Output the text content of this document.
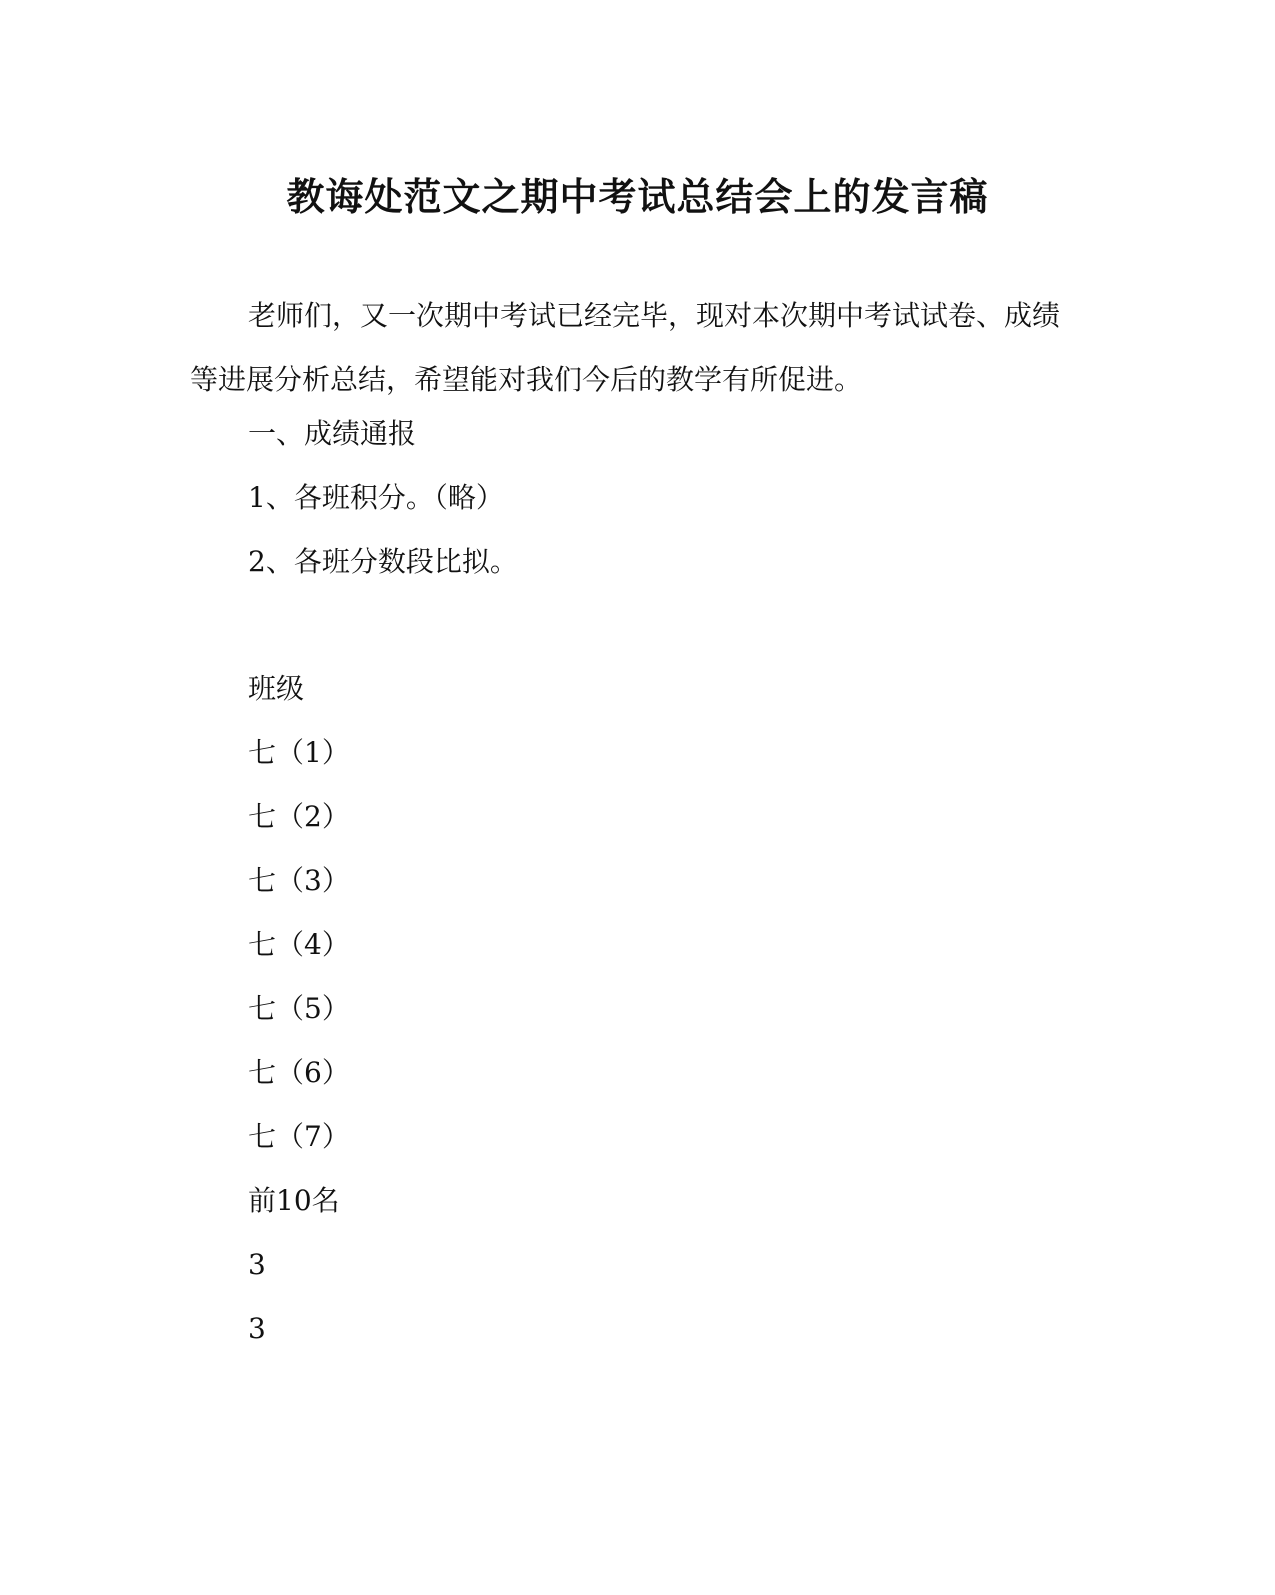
教诲处范文之期中考试总结会上的发言稿

老师们，又一次期中考试已经完毕，现对本次期中考试试卷、成绩等进展分析总结，希望能对我们今后的教学有所促进。

一、成绩通报
1、各班积分。（略）
2、各班分数段比拟。
班级
七（1）
七（2）
七（3）
七（4）
七（5）
七（6）
七（7）
前10名
3
3
